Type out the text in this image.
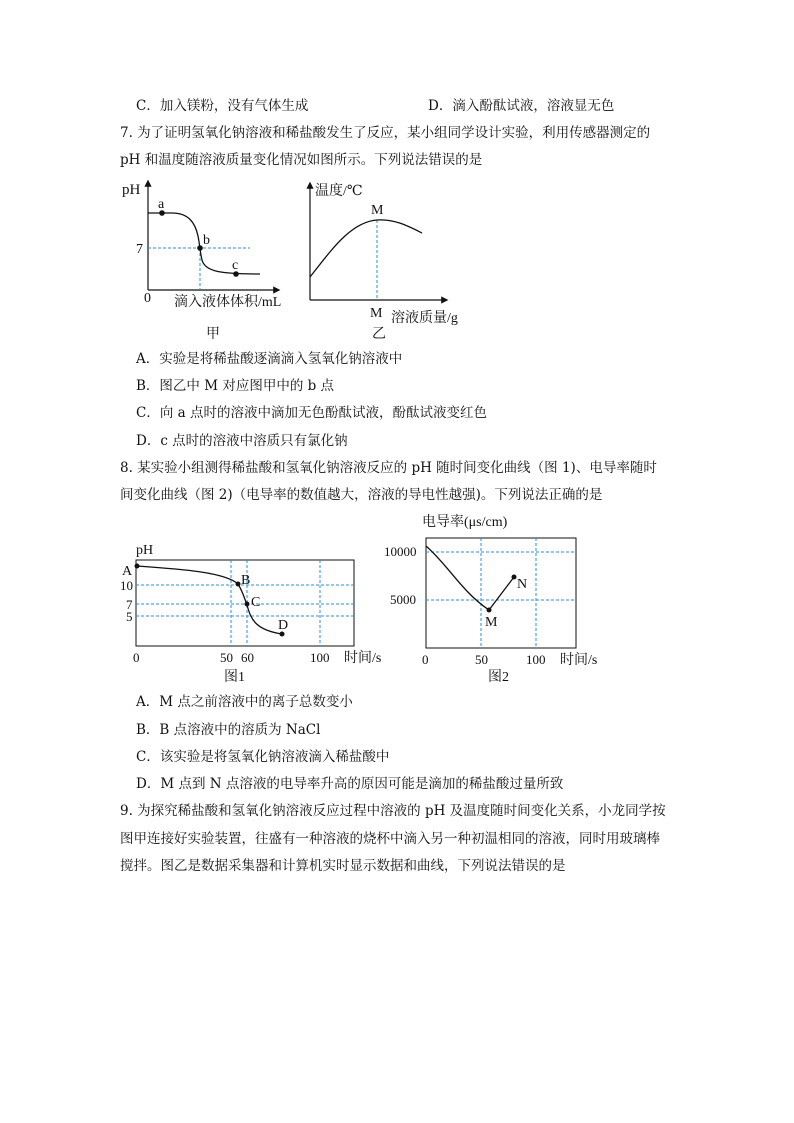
C．加入镁粉，没有气体生成	D．滴入酚酞试液，溶液显无色
7. 为了证明氢氧化钠溶液和稀盐酸发生了反应，某小组同学设计实验，利用传感器测定的
pH 和温度随溶液质量变化情况如图所示。下列说法错误的是
pH
7
0
a
b
c
滴入液体体积/mL
甲
温度/℃
M
M 溶液质量/g
乙
A．实验是将稀盐酸逐滴滴入氢氧化钠溶液中
B．图乙中 M 对应图甲中的 b 点
C．向 a 点时的溶液中滴加无色酚酞试液，酚酞试液变红色
D．c 点时的溶液中溶质只有氯化钠
8. 某实验小组测得稀盐酸和氢氧化钠溶液反应的 pH 随时间变化曲线（图 1)、电导率随时
间变化曲线（图 2)（电导率的数值越大，溶液的导电性越强)。下列说法正确的是
pH
A
10
7
5
B
C
D
0	50 60	100 时间/s
图1
电导率(μs/cm)
10000
5000
M
N
0	50	100 时间/s
图2
A．M 点之前溶液中的离子总数变小
B．B 点溶液中的溶质为 NaCl
C．该实验是将氢氧化钠溶液滴入稀盐酸中
D．M 点到 N 点溶液的电导率升高的原因可能是滴加的稀盐酸过量所致
9. 为探究稀盐酸和氢氧化钠溶液反应过程中溶液的 pH 及温度随时间变化关系，小龙同学按
图甲连接好实验装置，往盛有一种溶液的烧杯中滴入另一种初温相同的溶液，同时用玻璃棒
搅拌。图乙是数据采集器和计算机实时显示数据和曲线，下列说法错误的是
